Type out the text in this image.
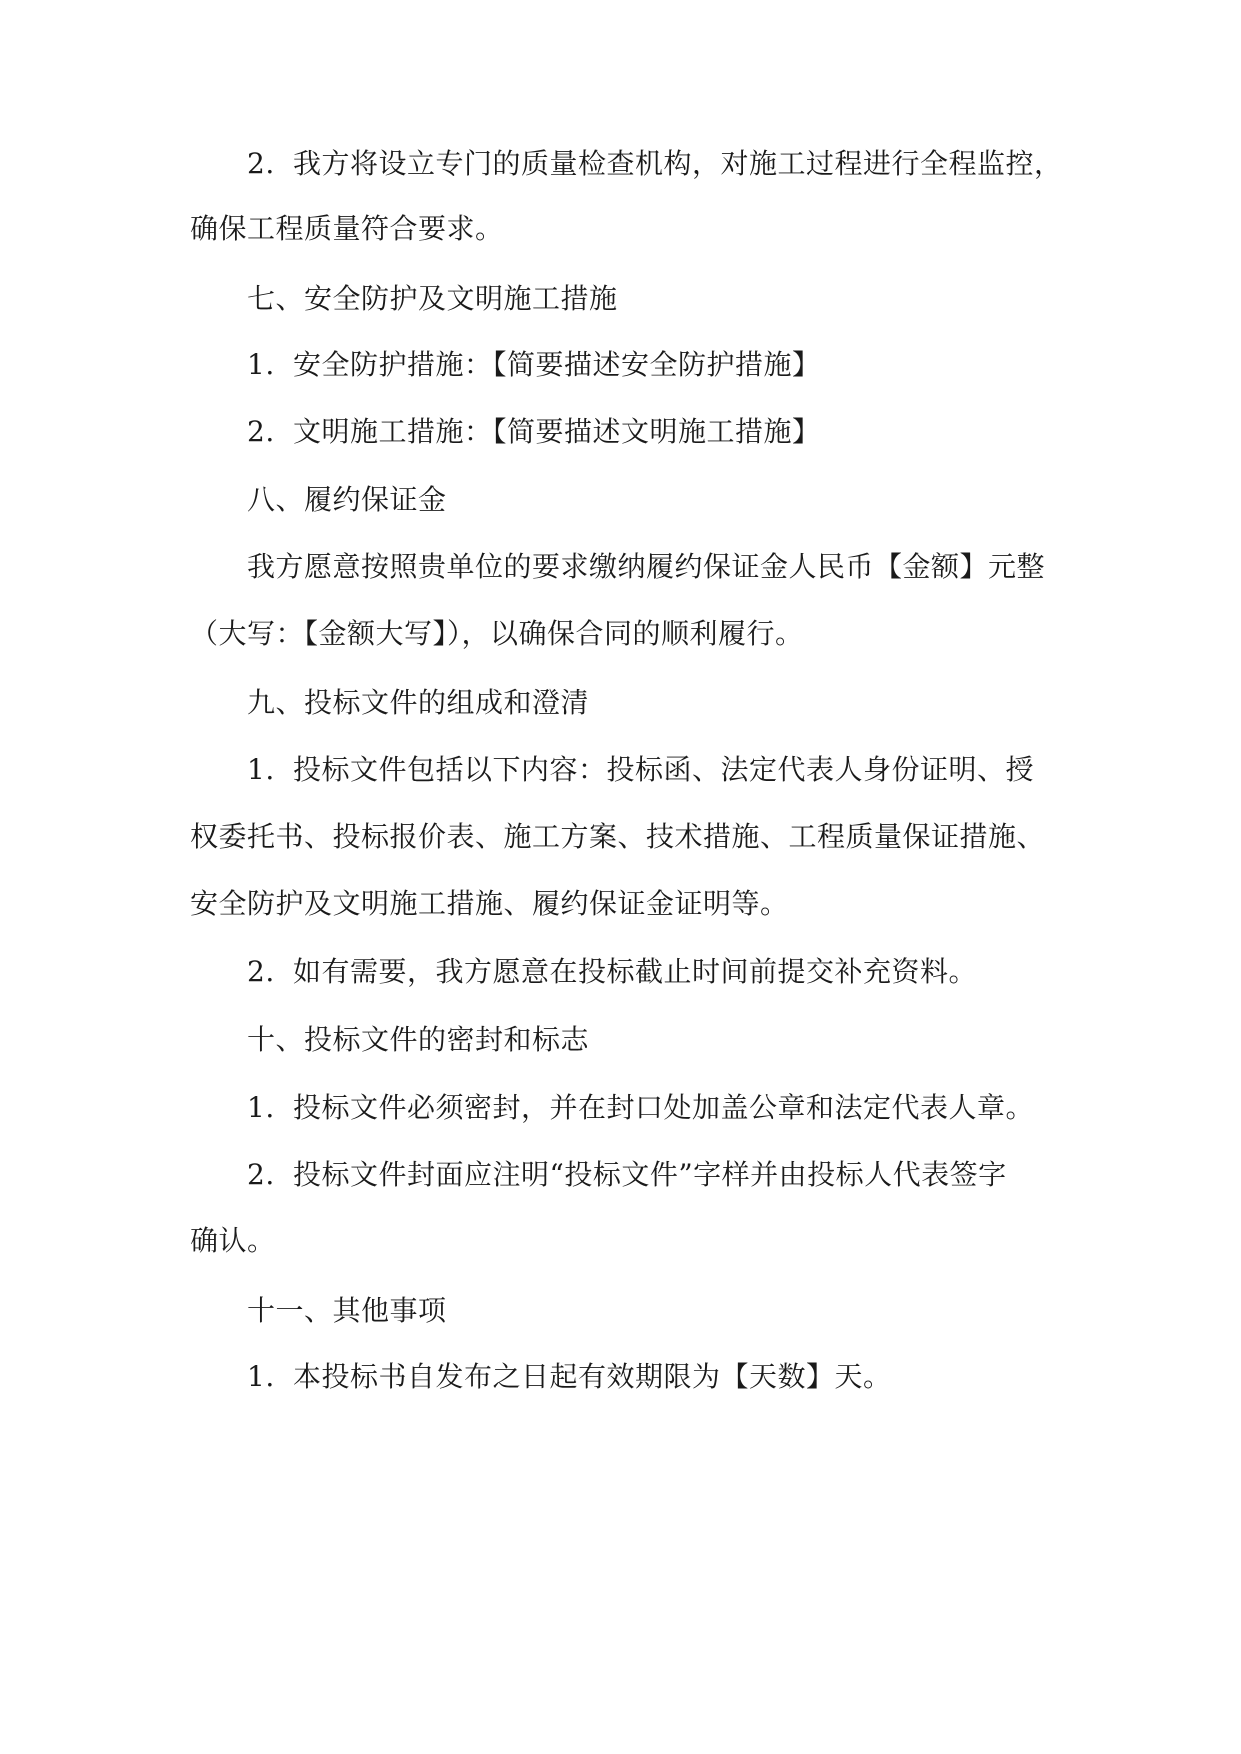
2. 我方将设立专门的质量检查机构，对施工过程进行全程监控，

确保工程质量符合要求。

七、安全防护及文明施工措施

1. 安全防护措施：【简要描述安全防护措施】

2. 文明施工措施：【简要描述文明施工措施】

八、履约保证金

我方愿意按照贵单位的要求缴纳履约保证金人民币【金额】元整

（大写：【金额大写】），以确保合同的顺利履行。

九、投标文件的组成和澄清

1. 投标文件包括以下内容：投标函、法定代表人身份证明、授

权委托书、投标报价表、施工方案、技术措施、工程质量保证措施、

安全防护及文明施工措施、履约保证金证明等。

2. 如有需要，我方愿意在投标截止时间前提交补充资料。

十、投标文件的密封和标志

1. 投标文件必须密封，并在封口处加盖公章和法定代表人章。

2. 投标文件封面应注明“投标文件”字样并由投标人代表签字

确认。

十一、其他事项

1. 本投标书自发布之日起有效期限为【天数】天。
